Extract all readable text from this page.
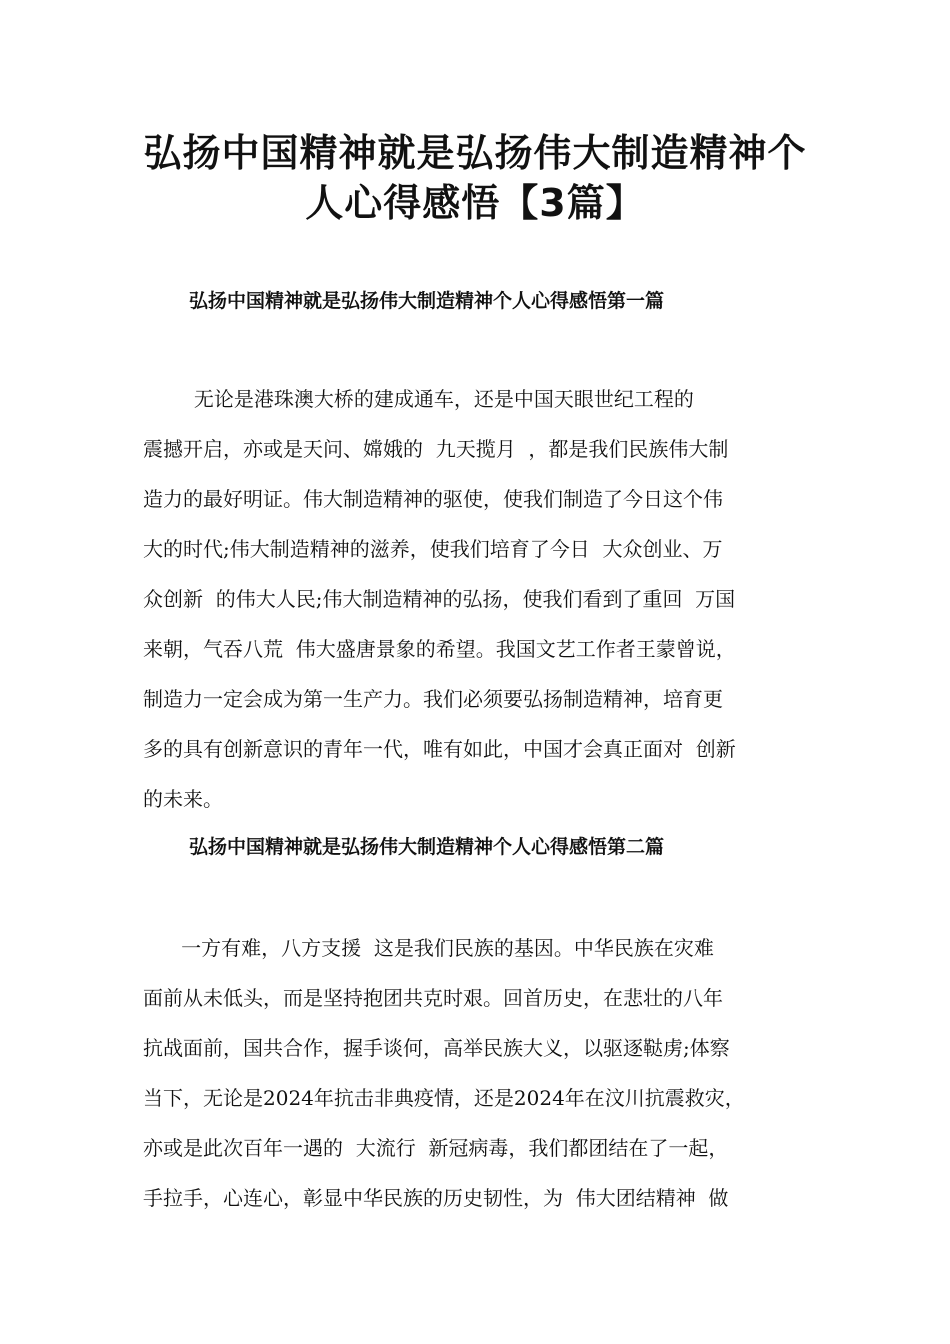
弘扬中国精神就是弘扬伟大制造精神个
人心得感悟【3篇】
弘扬中国精神就是弘扬伟大制造精神个人心得感悟第一篇
无论是港珠澳大桥的建成通车，还是中国天眼世纪工程的
震撼开启，亦或是天问、嫦娥的  九天揽月  ，都是我们民族伟大制
造力的最好明证。伟大制造精神的驱使，使我们制造了今日这个伟
大的时代;伟大制造精神的滋养，使我们培育了今日  大众创业、万
众创新  的伟大人民;伟大制造精神的弘扬，使我们看到了重回  万国
来朝，气吞八荒  伟大盛唐景象的希望。我国文艺工作者王蒙曾说，
制造力一定会成为第一生产力。我们必须要弘扬制造精神，培育更
多的具有创新意识的青年一代，唯有如此，中国才会真正面对  创新
的未来。
弘扬中国精神就是弘扬伟大制造精神个人心得感悟第二篇
一方有难，八方支援  这是我们民族的基因。中华民族在灾难
面前从未低头，而是坚持抱团共克时艰。回首历史，在悲壮的八年
抗战面前，国共合作，握手谈何，高举民族大义，以驱逐鞑虏;体察
当下，无论是2024年抗击非典疫情，还是2024年在汶川抗震救灾，
亦或是此次百年一遇的  大流行  新冠病毒，我们都团结在了一起，
手拉手，心连心，彰显中华民族的历史韧性，为  伟大团结精神  做
